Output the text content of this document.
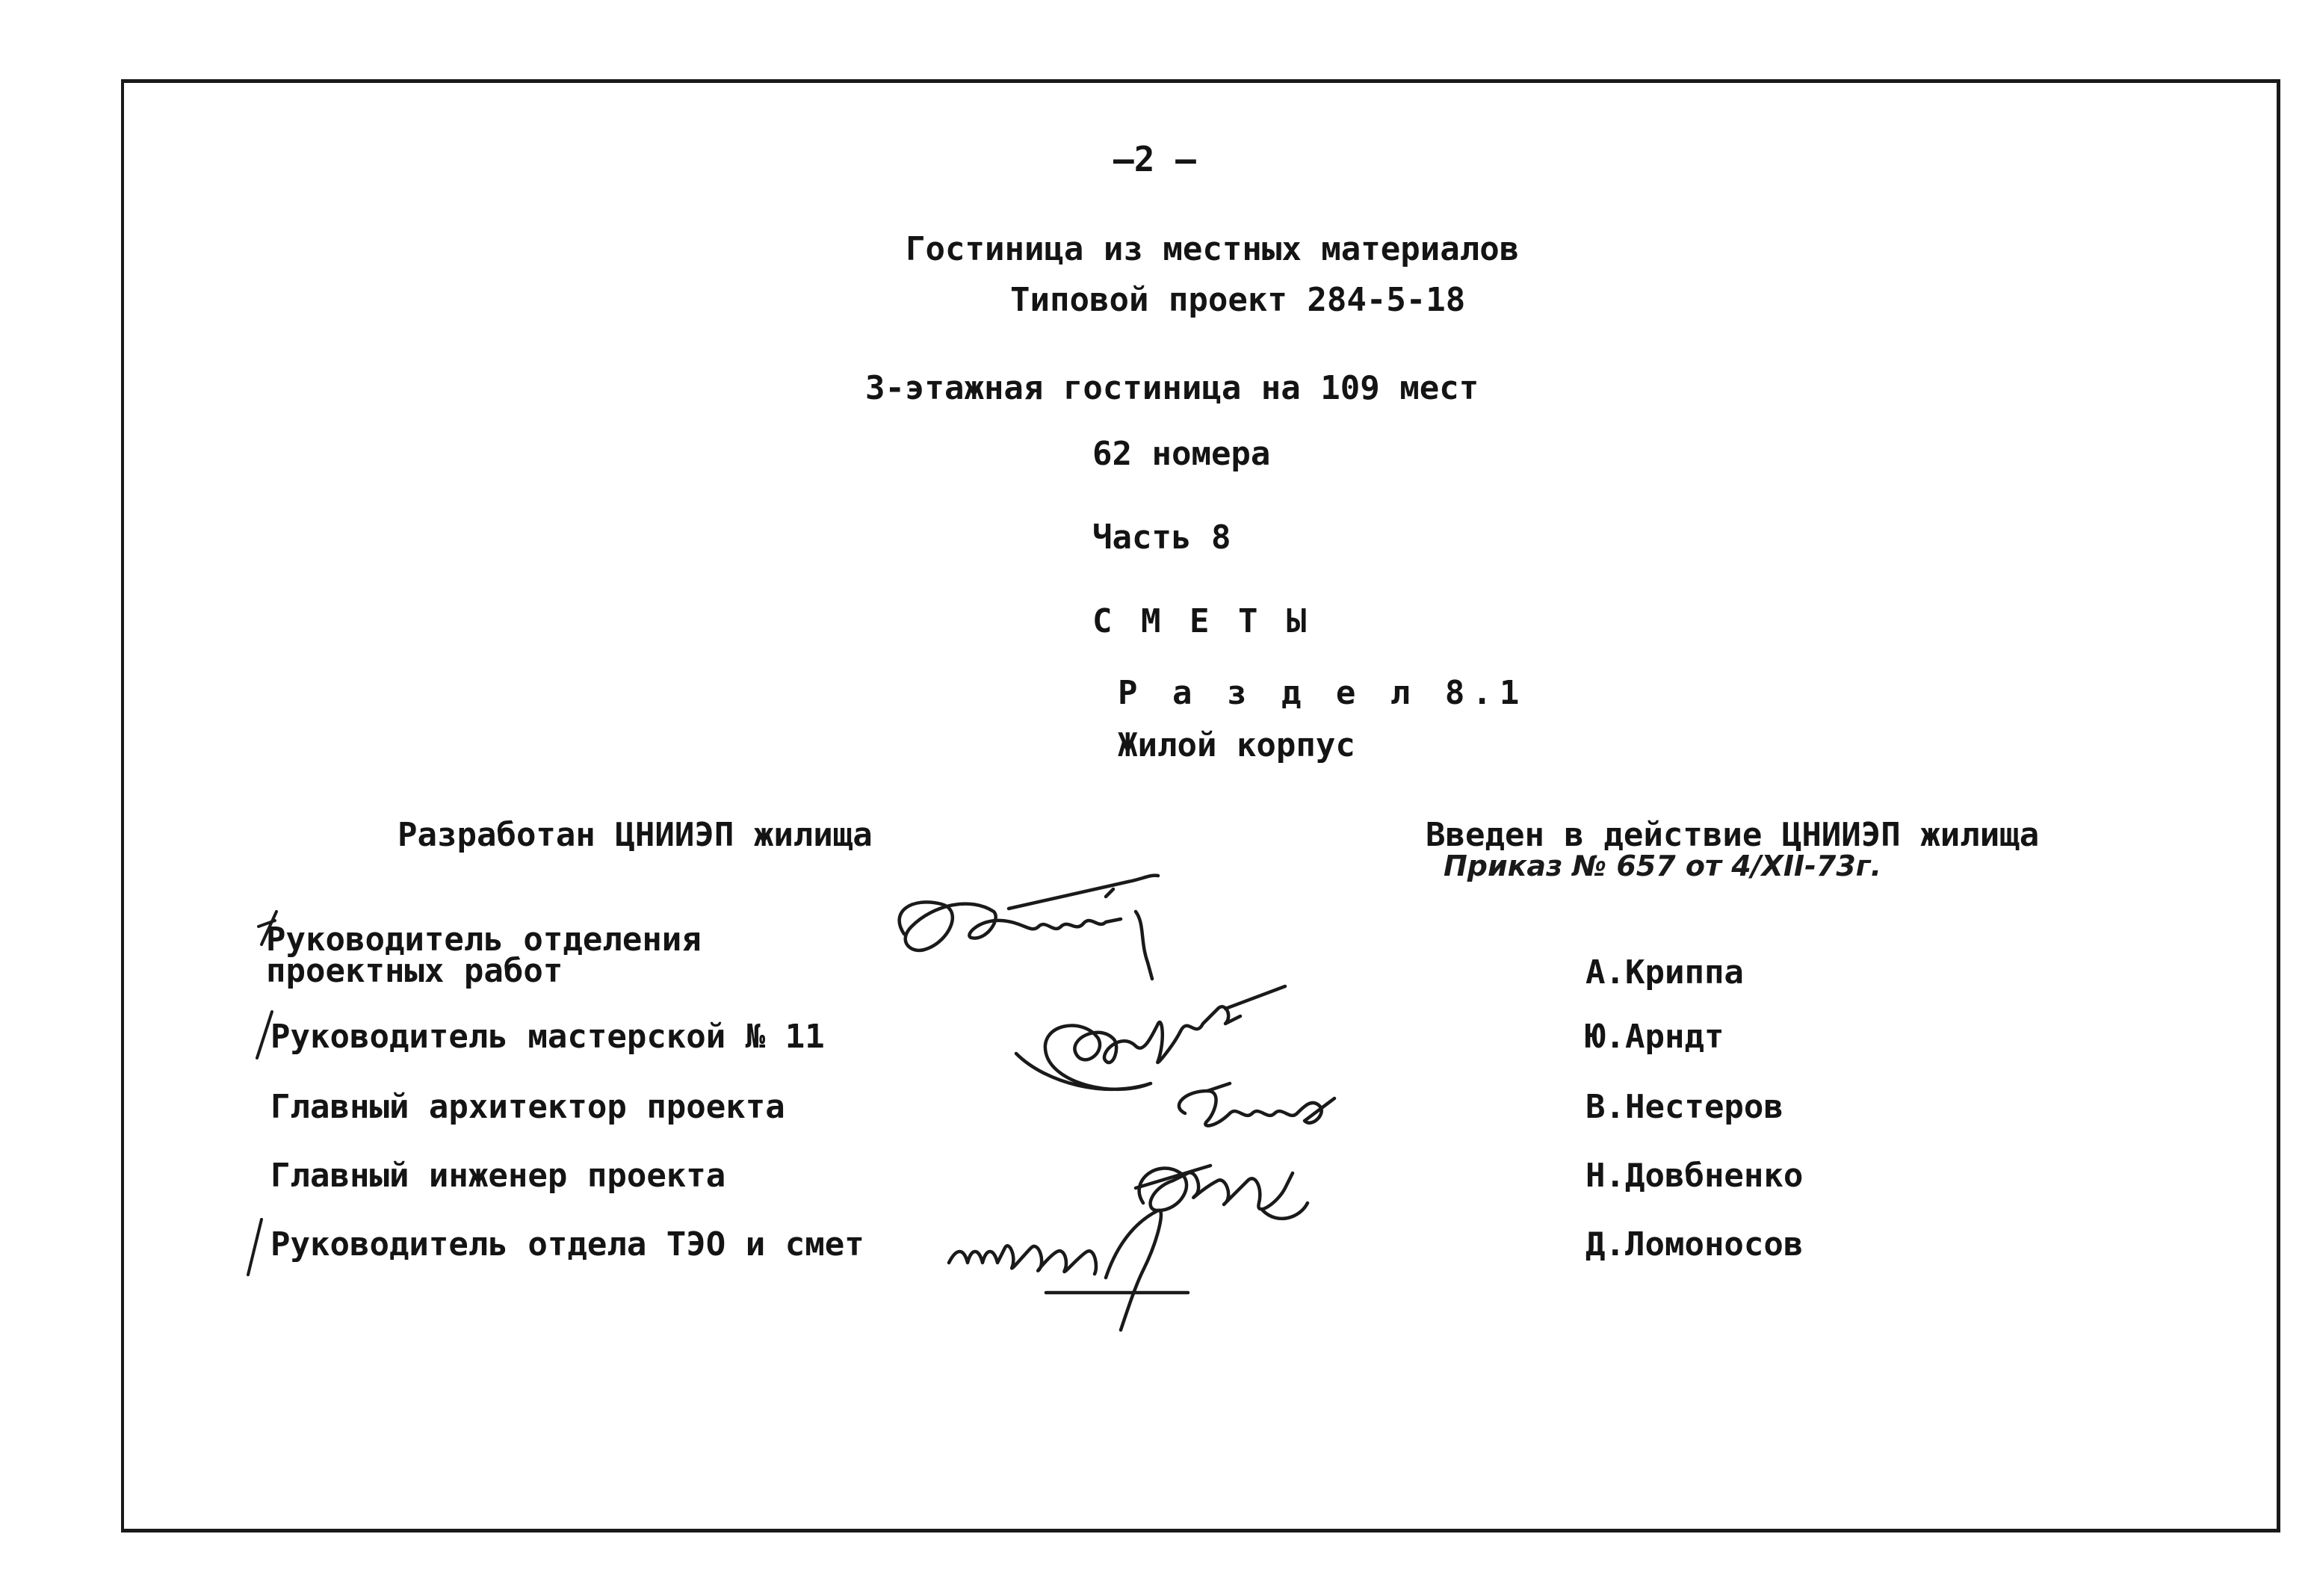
—2 —
Гостиница из местных материалов
Типовой проект 284-5-18
3-этажная гостиница на 109 мест
62 номера
Часть 8
С М Е Т Ы
Р а з д е л 8.1
Жилой корпус
Разработан ЦНИИЭП жилища	Введен в действие ЦНИИЭП жилища
Приказ № 657 от 4/XII-73г.
Руководитель отделения
проектных работ
Руководитель мастерской № 11
Главный архитектор проекта
Главный инженер проекта
Руководитель отдела ТЭО и смет
А.Криппа
Ю.Арндт
В.Нестеров
Н.Довбненко
Д.Ломоносов
